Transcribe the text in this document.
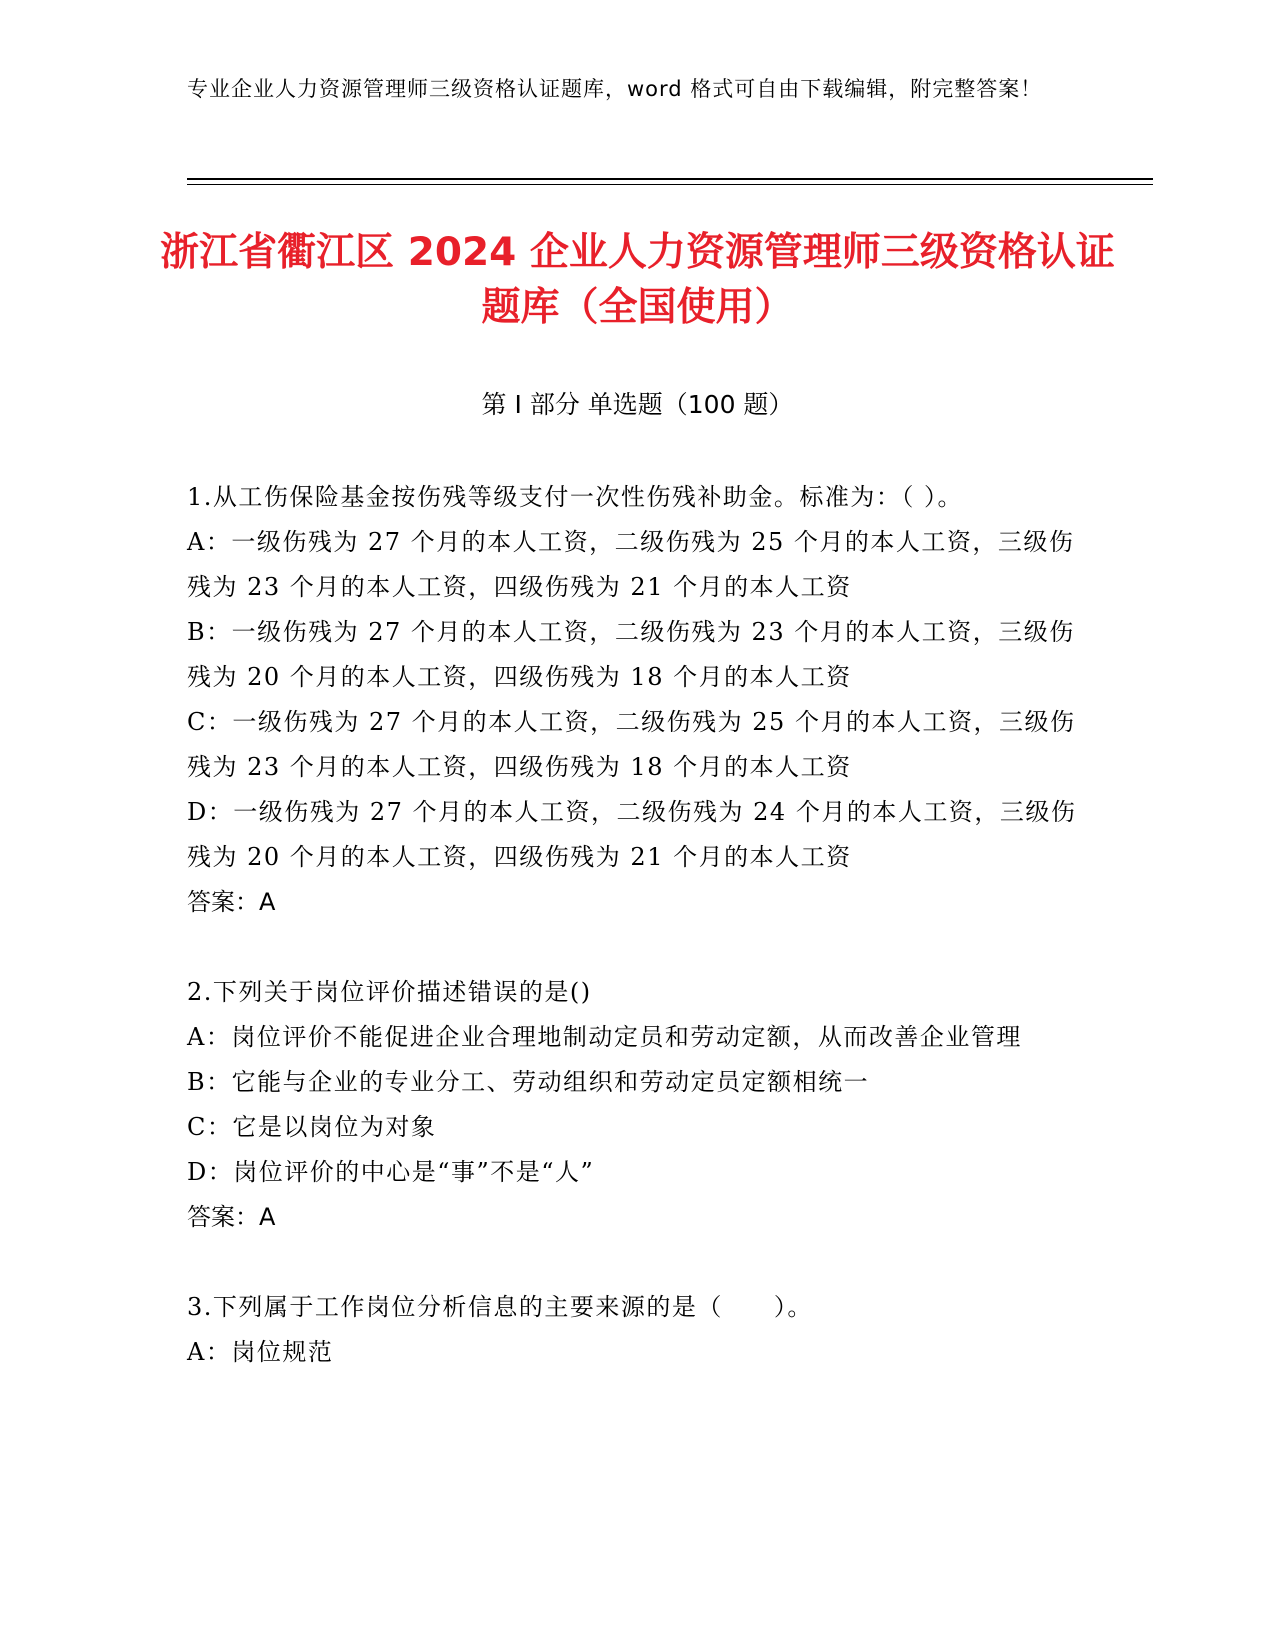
专业企业人力资源管理师三级资格认证题库，word 格式可自由下载编辑，附完整答案！
浙江省衢江区 2024 企业人力资源管理师三级资格认证题库（全国使用）
第 I 部分 单选题（100 题）
1.从工伤保险基金按伤残等级支付一次性伤残补助金。标准为：（ ）。
A：一级伤残为 27 个月的本人工资，二级伤残为 25 个月的本人工资，三级伤残为 23 个月的本人工资，四级伤残为 21 个月的本人工资
B：一级伤残为 27 个月的本人工资，二级伤残为 23 个月的本人工资，三级伤残为 20 个月的本人工资，四级伤残为 18 个月的本人工资
C：一级伤残为 27 个月的本人工资，二级伤残为 25 个月的本人工资，三级伤残为 23 个月的本人工资，四级伤残为 18 个月的本人工资
D：一级伤残为 27 个月的本人工资，二级伤残为 24 个月的本人工资，三级伤残为 20 个月的本人工资，四级伤残为 21 个月的本人工资
答案：A
2.下列关于岗位评价描述错误的是()
A：岗位评价不能促进企业合理地制动定员和劳动定额，从而改善企业管理
B：它能与企业的专业分工、劳动组织和劳动定员定额相统一
C：它是以岗位为对象
D：岗位评价的中心是“事”不是“人”
答案：A
3.下列属于工作岗位分析信息的主要来源的是（　　）。
A：岗位规范
